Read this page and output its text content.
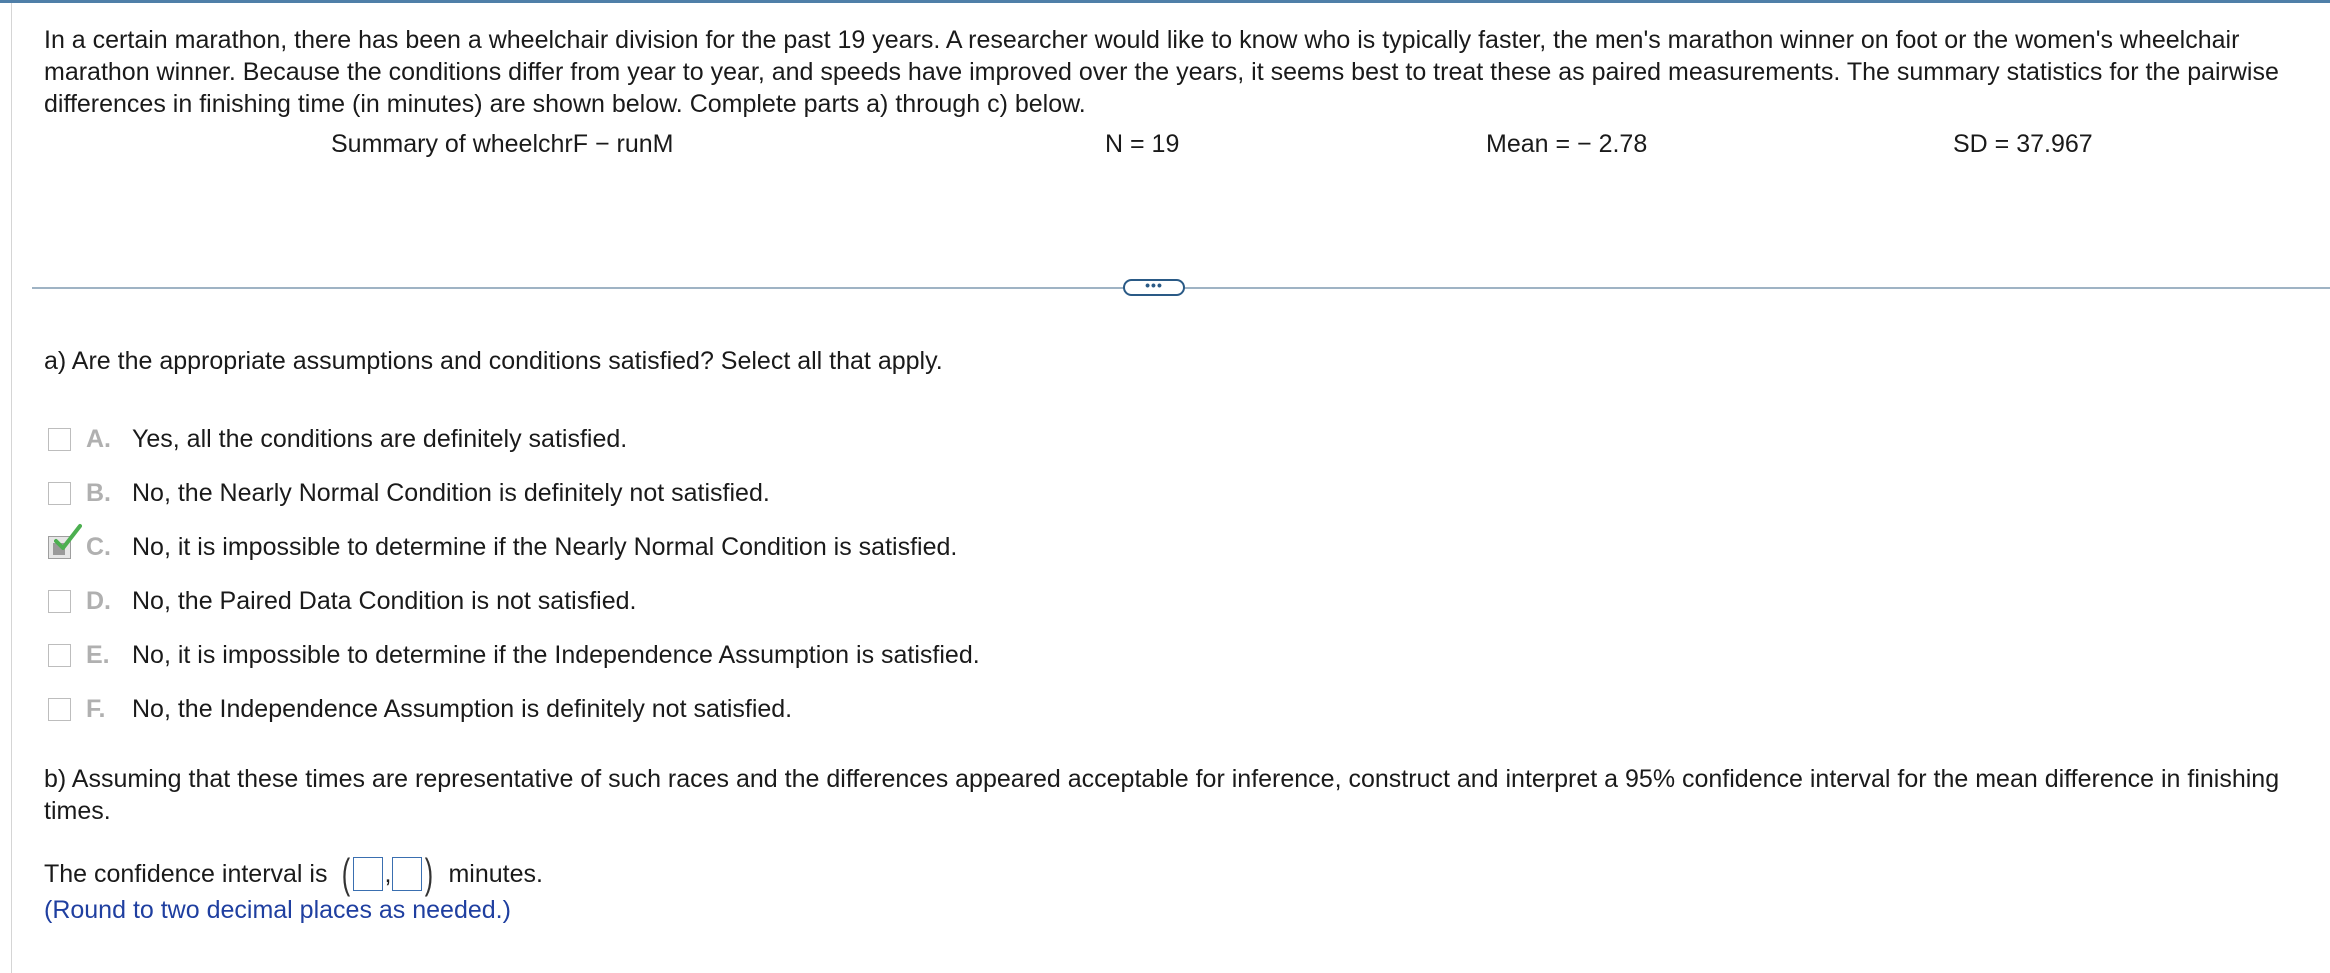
In a certain marathon, there has been a wheelchair division for the past 19 years. A researcher would like to know who is typically faster, the men's marathon winner on foot or the women's wheelchair marathon winner. Because the conditions differ from year to year, and speeds have improved over the years, it seems best to treat these as paired measurements. The summary statistics for the pairwise differences in finishing time (in minutes) are shown below. Complete parts a) through c) below.

Summary of wheelchrF − runM	N = 19	Mean = − 2.78	SD = 37.967
•••

a) Are the appropriate assumptions and conditions satisfied? Select all that apply.

A. Yes, all the conditions are definitely satisfied.
B. No, the Nearly Normal Condition is definitely not satisfied.
C. No, it is impossible to determine if the Nearly Normal Condition is satisfied.
D. No, the Paired Data Condition is not satisfied.
E. No, it is impossible to determine if the Independence Assumption is satisfied.
F. No, the Independence Assumption is definitely not satisfied.

b) Assuming that these times are representative of such races and the differences appeared acceptable for inference, construct and interpret a 95% confidence interval for the mean difference in finishing times.

The confidence interval is ( , ) minutes.
(Round to two decimal places as needed.)
